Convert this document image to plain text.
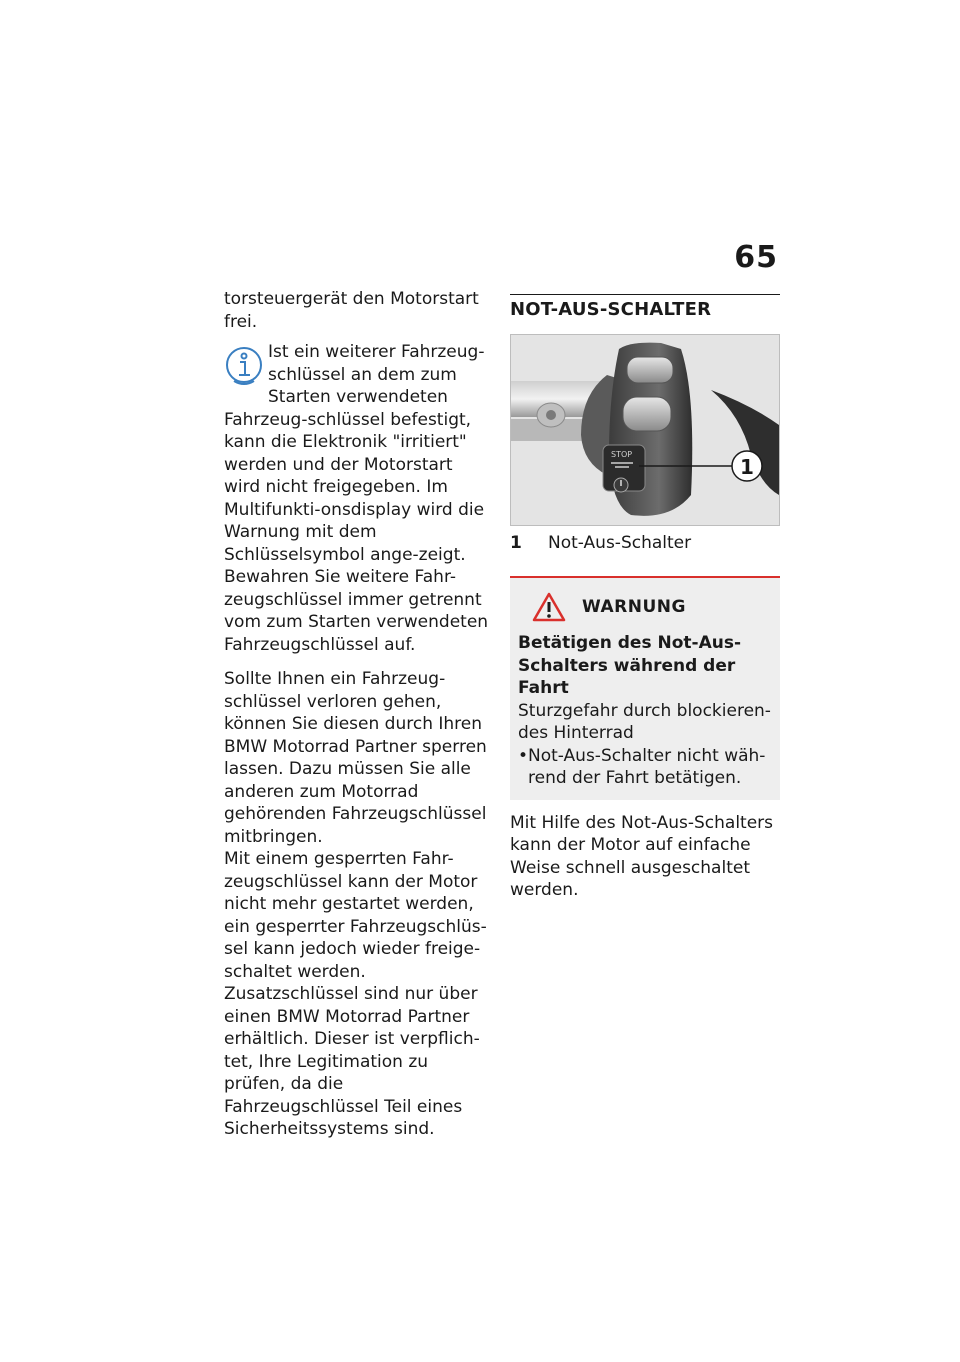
65

torsteuergerät den Motorstart frei.

Ist ein weiterer Fahrzeug-schlüssel an dem zum Starten verwendeten Fahrzeug-schlüssel befestigt, kann die Elektronik "irritiert" werden und der Motorstart wird nicht freigegeben. Im Multifunkti-onsdisplay wird die Warnung mit dem Schlüsselsymbol ange-zeigt.

Bewahren Sie weitere Fahr-zeugschlüssel immer getrennt vom zum Starten verwendeten Fahrzeugschlüssel auf.

Sollte Ihnen ein Fahrzeug-schlüssel verloren gehen, können Sie diesen durch Ihren BMW Motorrad Partner sperren lassen. Dazu müssen Sie alle anderen zum Motorrad gehörenden Fahrzeugschlüssel mitbringen.

Mit einem gesperrten Fahr-zeugschlüssel kann der Motor nicht mehr gestartet werden, ein gesperrter Fahrzeugschlüs-sel kann jedoch wieder freige-schaltet werden.

Zusatzschlüssel sind nur über einen BMW Motorrad Partner erhältlich. Dieser ist verpflich-tet, Ihre Legitimation zu prüfen, da die Fahrzeugschlüssel Teil eines Sicherheitssystems sind.

NOT-AUS-SCHALTER
STOP
1
1	Not-Aus-Schalter
WARNUNG

Betätigen des Not-Aus-Schalters während der Fahrt

Sturzgefahr durch blockieren-des Hinterrad

• Not-Aus-Schalter nicht wäh-rend der Fahrt betätigen.

Mit Hilfe des Not-Aus-Schalters kann der Motor auf einfache Weise schnell ausgeschaltet werden.
